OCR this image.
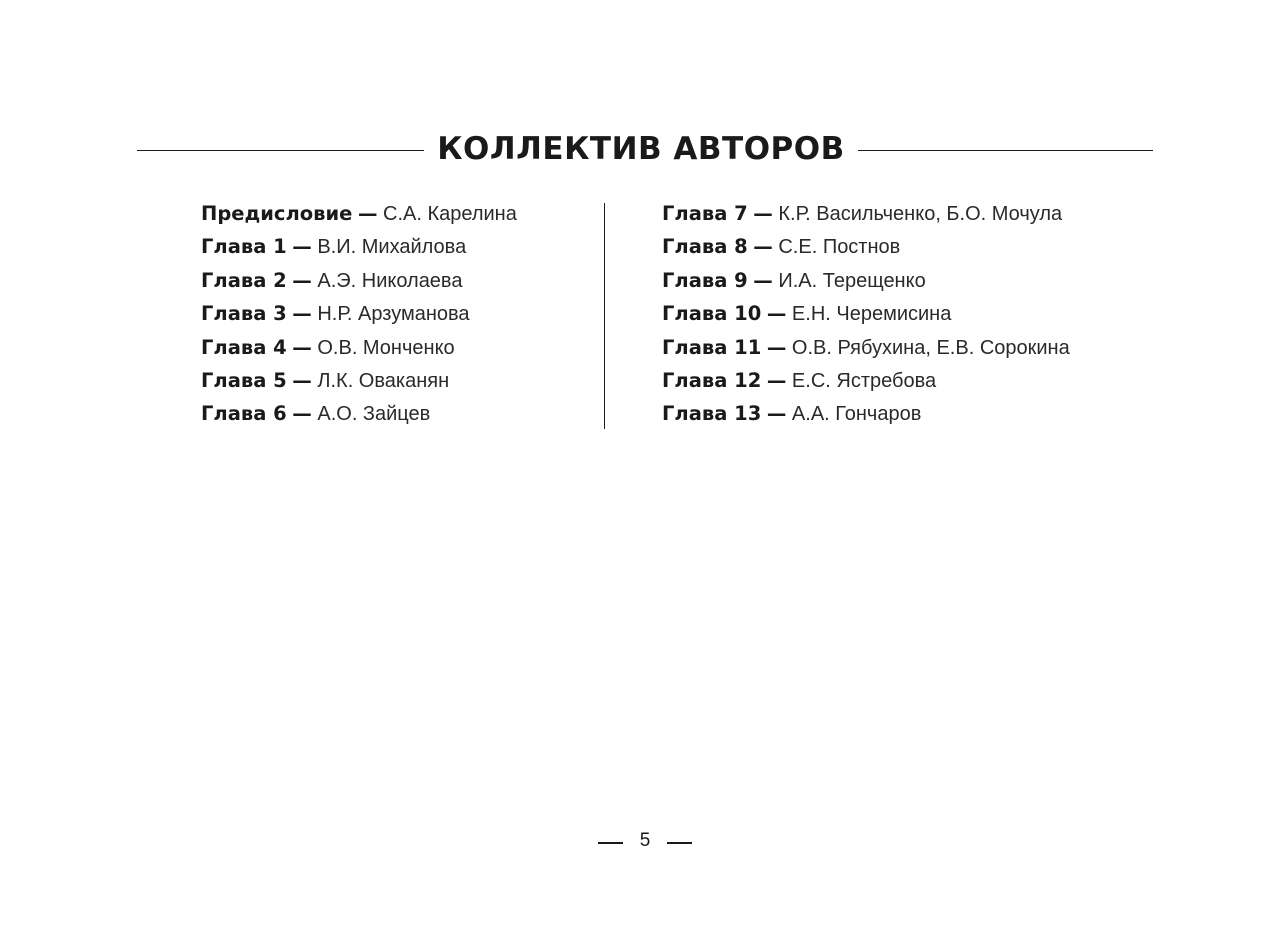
КОЛЛЕКТИВ АВТОРОВ
Предисловие — С.А. Карелина
Глава 1 — В.И. Михайлова
Глава 2 — А.Э. Николаева
Глава 3 — Н.Р. Арзуманова
Глава 4 — О.В. Монченко
Глава 5 — Л.К. Оваканян
Глава 6 — А.О. Зайцев
Глава 7 — К.Р. Васильченко, Б.О. Мочула
Глава 8 — С.Е. Постнов
Глава 9 — И.А. Терещенко
Глава 10 — Е.Н. Черемисина
Глава 11 — О.В. Рябухина, Е.В. Сорокина
Глава 12 — Е.С. Ястребова
Глава 13 — А.А. Гончаров
5
